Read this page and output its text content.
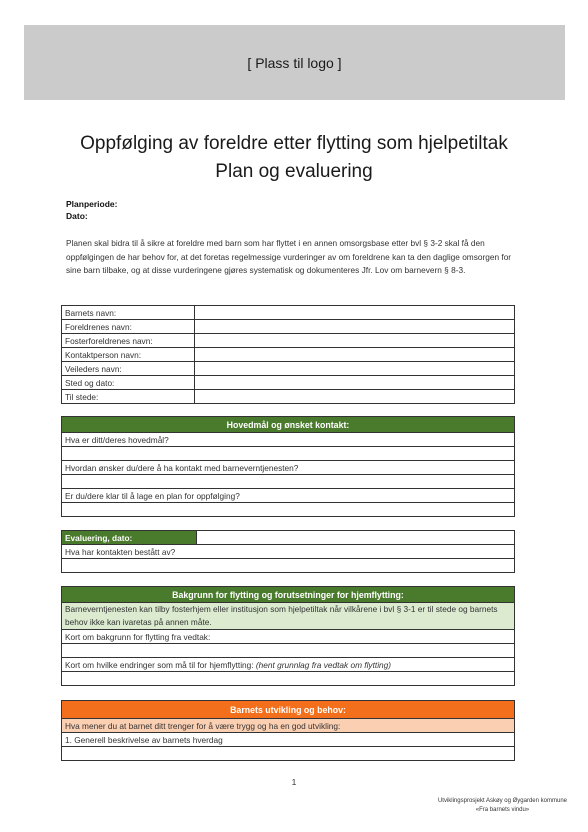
[ Plass til logo ]
Oppfølging av foreldre etter flytting som hjelpetiltak
Plan og evaluering
Planperiode:
Dato:
Planen skal bidra til å sikre at foreldre med barn som har flyttet i en annen omsorgsbase etter bvl § 3-2 skal få den oppfølgingen de har behov for, at det foretas regelmessige vurderinger av om foreldrene kan ta den daglige omsorgen for sine barn tilbake, og at disse vurderingene gjøres systematisk og dokumenteres Jfr. Lov om barnevern § 8-3.
Barnets navn:	
Foreldrenes navn:	
Fosterforeldrenes navn:	
Kontaktperson navn:	
Veileders navn:	
Sted og dato:	
Til stede:	
Hovedmål og ønsket kontakt:
Hva er ditt/deres hovedmål?

Hvordan ønsker du/dere å ha kontakt med barneverntjenesten?

Er du/dere klar til å lage en plan for oppfølging?

Evaluering, dato:	
Hva har kontakten bestått av?

Bakgrunn for flytting og forutsetninger for hjemflytting:
Barneverntjenesten kan tilby fosterhjem eller institusjon som hjelpetiltak når vilkårene i bvl § 3-1 er til stede og barnets behov ikke kan ivaretas på annen måte.
Kort om bakgrunn for flytting fra vedtak:

Kort om hvilke endringer som må til for hjemflytting: (hent grunnlag fra vedtak om flytting)

Barnets utvikling og behov:
Hva mener du at barnet ditt trenger for å være trygg og ha en god utvikling:
1. Generell beskrivelse av barnets hverdag

1
Utviklingsprosjekt Askøy og Øygarden kommune
«Fra barnets vindu»
